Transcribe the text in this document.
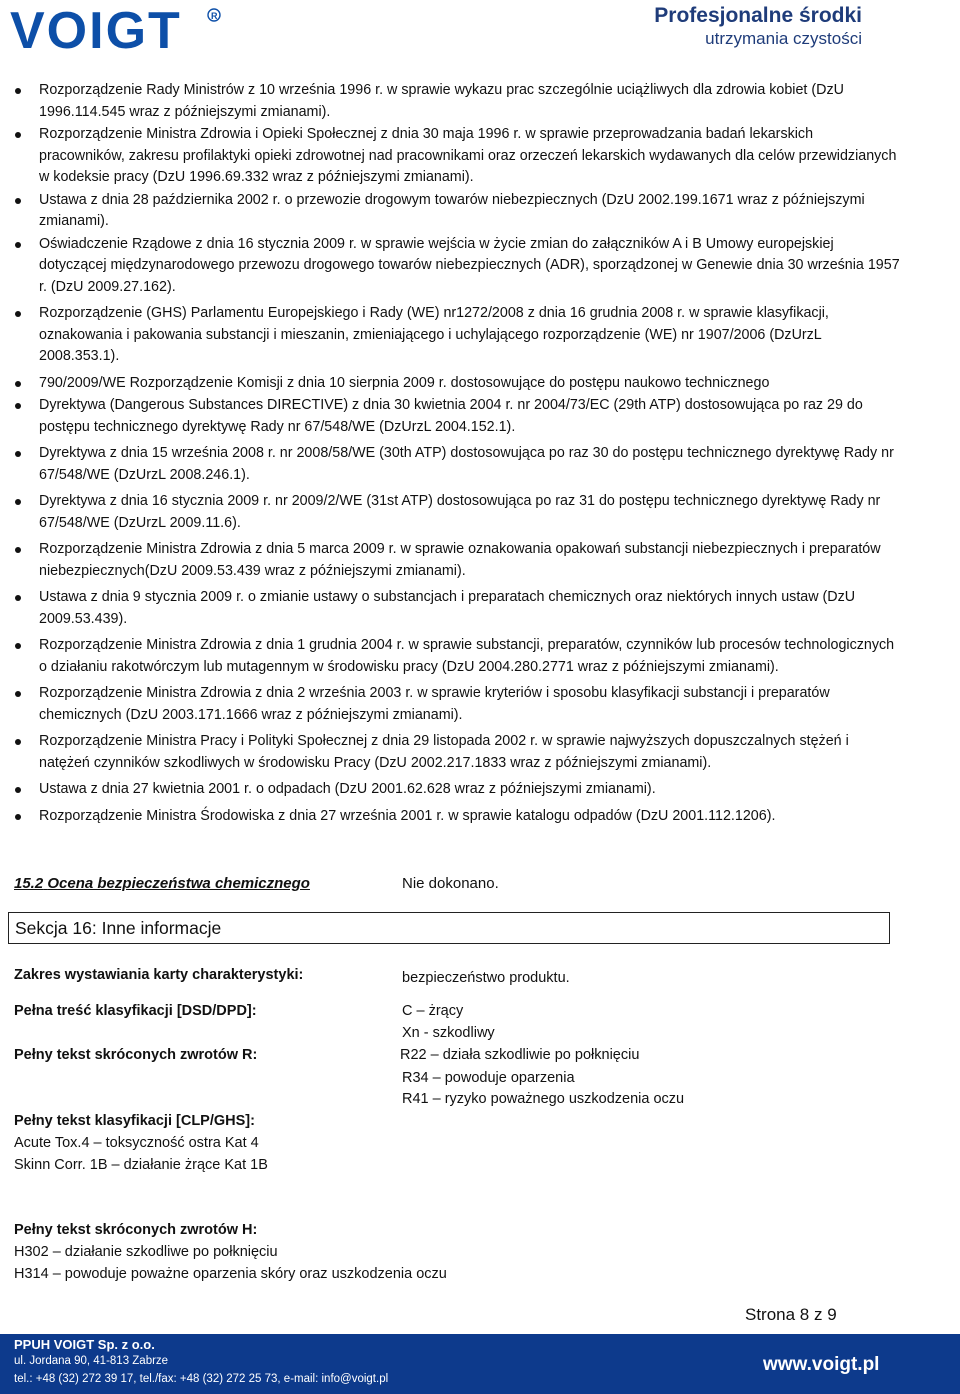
VOIGT	R	Profesjonalne środki
utrzymania czystości
Rozporządzenie Rady Ministrów z 10 września 1996 r. w sprawie wykazu prac szczególnie uciążliwych dla zdrowia kobiet (DzU 1996.114.545 wraz z późniejszymi zmianami).
Rozporządzenie Ministra Zdrowia i Opieki Społecznej z dnia 30 maja 1996 r. w sprawie przeprowadzania badań lekarskich pracowników, zakresu profilaktyki opieki zdrowotnej nad pracownikami oraz orzeczeń lekarskich wydawanych dla celów przewidzianych w kodeksie pracy (DzU 1996.69.332 wraz z późniejszymi zmianami).
Ustawa z dnia 28 października 2002 r. o przewozie drogowym towarów niebezpiecznych (DzU 2002.199.1671 wraz z późniejszymi zmianami).
Oświadczenie Rządowe z dnia 16 stycznia 2009 r. w sprawie wejścia w życie zmian do załączników A i B Umowy europejskiej dotyczącej międzynarodowego przewozu drogowego towarów niebezpiecznych (ADR), sporządzonej w Genewie dnia 30 września 1957 r. (DzU 2009.27.162).
Rozporządzenie (GHS) Parlamentu Europejskiego i Rady (WE) nr1272/2008 z dnia 16 grudnia 2008 r. w sprawie klasyfikacji, oznakowania i pakowania substancji i mieszanin, zmieniającego i uchylającego rozporządzenie (WE) nr 1907/2006 (DzUrzL 2008.353.1).
790/2009/WE Rozporządzenie Komisji z dnia 10 sierpnia 2009 r. dostosowujące do postępu naukowo technicznego
Dyrektywa (Dangerous Substances DIRECTIVE) z dnia 30 kwietnia 2004 r. nr 2004/73/EC (29th ATP) dostosowująca po raz 29 do postępu technicznego dyrektywę Rady nr 67/548/WE (DzUrzL 2004.152.1).
Dyrektywa z dnia 15 września 2008 r. nr 2008/58/WE (30th ATP) dostosowująca po raz 30 do postępu technicznego dyrektywę Rady nr 67/548/WE (DzUrzL 2008.246.1).
Dyrektywa z dnia 16 stycznia 2009 r. nr 2009/2/WE (31st ATP) dostosowująca po raz 31 do postępu technicznego dyrektywę Rady nr 67/548/WE (DzUrzL 2009.11.6).
Rozporządzenie Ministra Zdrowia z dnia 5 marca 2009 r. w sprawie oznakowania opakowań substancji niebezpiecznych i preparatów niebezpiecznych(DzU 2009.53.439 wraz z późniejszymi zmianami).
Ustawa z dnia 9 stycznia 2009 r. o zmianie ustawy o substancjach i preparatach chemicznych oraz niektórych innych ustaw (DzU 2009.53.439).
Rozporządzenie Ministra Zdrowia z dnia 1 grudnia 2004 r. w sprawie substancji, preparatów, czynników lub procesów technologicznych o działaniu rakotwórczym lub mutagennym w środowisku pracy (DzU 2004.280.2771 wraz z późniejszymi zmianami).
Rozporządzenie Ministra Zdrowia z dnia 2 września 2003 r. w sprawie kryteriów i sposobu klasyfikacji substancji i preparatów chemicznych (DzU 2003.171.1666 wraz z późniejszymi zmianami).
Rozporządzenie Ministra Pracy i Polityki Społecznej z dnia 29 listopada 2002 r. w sprawie najwyższych dopuszczalnych stężeń i natężeń czynników szkodliwych w środowisku Pracy (DzU 2002.217.1833 wraz z późniejszymi zmianami).
Ustawa z dnia 27 kwietnia 2001 r. o odpadach (DzU 2001.62.628 wraz z późniejszymi zmianami).
Rozporządzenie Ministra Środowiska z dnia 27 września 2001 r. w sprawie katalogu odpadów (DzU 2001.112.1206).
15.2 Ocena bezpieczeństwa chemicznego	Nie dokonano.
Sekcja 16: Inne informacje
Zakres wystawiania karty charakterystyki:	bezpieczeństwo produktu.
Pełna treść klasyfikacji [DSD/DPD]:	C – żrący
Xn - szkodliwy
Pełny tekst skróconych zwrotów R:	R22 – działa szkodliwie po połknięciu
R34 – powoduje oparzenia
R41 – ryzyko poważnego uszkodzenia oczu
Pełny tekst klasyfikacji [CLP/GHS]:
Acute Tox.4 – toksyczność ostra Kat 4
Skinn Corr. 1B – działanie żrące Kat 1B
Pełny tekst skróconych zwrotów H:
H302 – działanie szkodliwe po połknięciu
H314 – powoduje poważne oparzenia skóry oraz uszkodzenia oczu
Strona 8 z 9
PPUH VOIGT Sp. z o.o.
ul. Jordana 90, 41-813 Zabrze
tel.: +48 (32) 272 39 17, tel./fax: +48 (32) 272 25 73, e-mail: info@voigt.pl
www.voigt.pl
